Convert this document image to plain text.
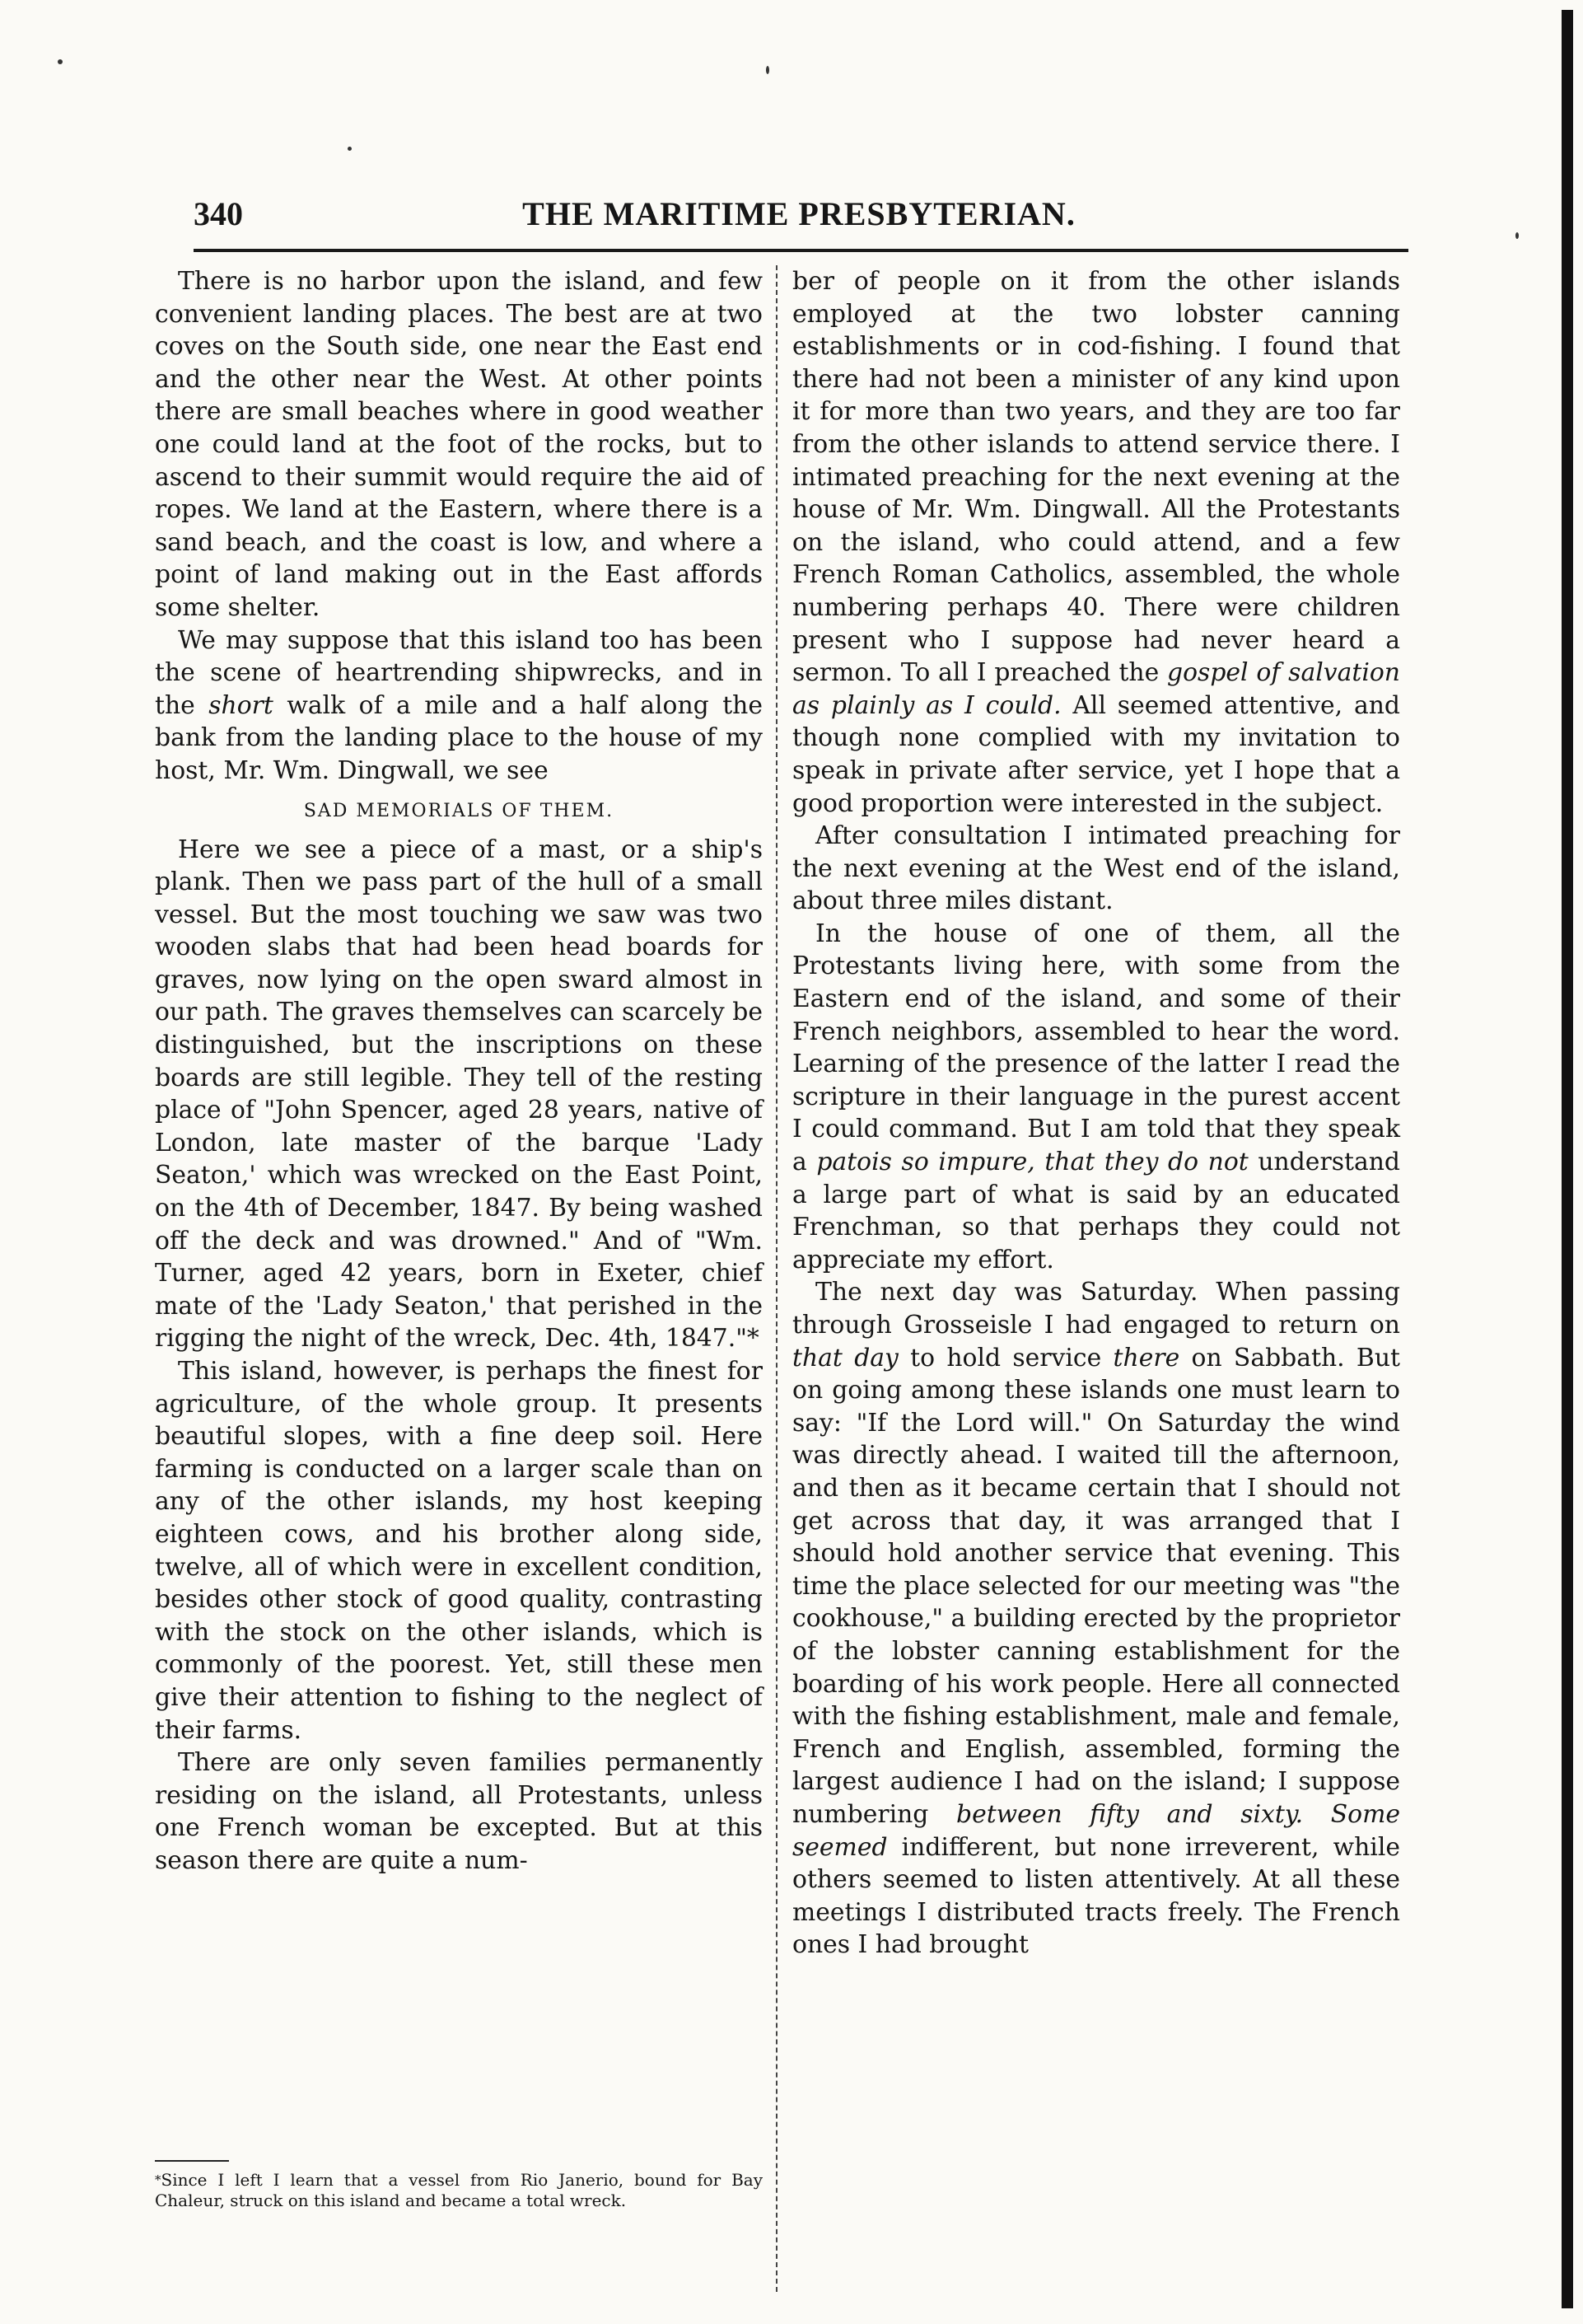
340	THE MARITIME PRESBYTERIAN.

There is no harbor upon the island, and few convenient landing places. The best are at two coves on the South side, one near the East end and the other near the West. At other points there are small beaches where in good weather one could land at the foot of the rocks, but to ascend to their summit would require the aid of ropes. We land at the Eastern, where there is a sand beach, and the coast is low, and where a point of land making out in the East affords some shelter.

We may suppose that this island too has been the scene of heartrending shipwrecks, and in the short walk of a mile and a half along the bank from the landing place to the house of my host, Mr. Wm. Dingwall, we see

SAD MEMORIALS OF THEM.

Here we see a piece of a mast, or a ship's plank. Then we pass part of the hull of a small vessel. But the most touching we saw was two wooden slabs that had been head boards for graves, now lying on the open sward almost in our path. The graves themselves can scarcely be distinguished, but the inscriptions on these boards are still legible. They tell of the resting place of "John Spencer, aged 28 years, native of London, late master of the barque 'Lady Seaton,' which was wrecked on the East Point, on the 4th of December, 1847. By being washed off the deck and was drowned." And of "Wm. Turner, aged 42 years, born in Exeter, chief mate of the 'Lady Seaton,' that perished in the rigging the night of the wreck, Dec. 4th, 1847."*

This island, however, is perhaps the finest for agriculture, of the whole group. It presents beautiful slopes, with a fine deep soil. Here farming is conducted on a larger scale than on any of the other islands, my host keeping eighteen cows, and his brother along side, twelve, all of which were in excellent condition, besides other stock of good quality, contrasting with the stock on the other islands, which is commonly of the poorest. Yet, still these men give their attention to fishing to the neglect of their farms.

There are only seven families permanently residing on the island, all Protestants, unless one French woman be excepted. But at this season there are quite a num-

ber of people on it from the other islands employed at the two lobster canning establishments or in cod-fishing. I found that there had not been a minister of any kind upon it for more than two years, and they are too far from the other islands to attend service there. I intimated preaching for the next evening at the house of Mr. Wm. Dingwall. All the Protestants on the island, who could attend, and a few French Roman Catholics, assembled, the whole numbering perhaps 40. There were children present who I suppose had never heard a sermon. To all I preached the gospel of salvation as plainly as I could. All seemed attentive, and though none complied with my invitation to speak in private after service, yet I hope that a good proportion were interested in the subject.

After consultation I intimated preaching for the next evening at the West end of the island, about three miles distant.

In the house of one of them, all the Protestants living here, with some from the Eastern end of the island, and some of their French neighbors, assembled to hear the word. Learning of the presence of the latter I read the scripture in their language in the purest accent I could command. But I am told that they speak a patois so impure, that they do not understand a large part of what is said by an educated Frenchman, so that perhaps they could not appreciate my effort.

The next day was Saturday. When passing through Grosseisle I had engaged to return on that day to hold service there on Sabbath. But on going among these islands one must learn to say: "If the Lord will." On Saturday the wind was directly ahead. I waited till the afternoon, and then as it became certain that I should not get across that day, it was arranged that I should hold another service that evening. This time the place selected for our meeting was "the cookhouse," a building erected by the proprietor of the lobster canning establishment for the boarding of his work people. Here all connected with the fishing establishment, male and female, French and English, assembled, forming the largest audience I had on the island; I suppose numbering between fifty and sixty. Some seemed indifferent, but none irreverent, while others seemed to listen attentively. At all these meetings I distributed tracts freely. The French ones I had brought

*Since I left I learn that a vessel from Rio Janerio, bound for Bay Chaleur, struck on this island and became a total wreck.
